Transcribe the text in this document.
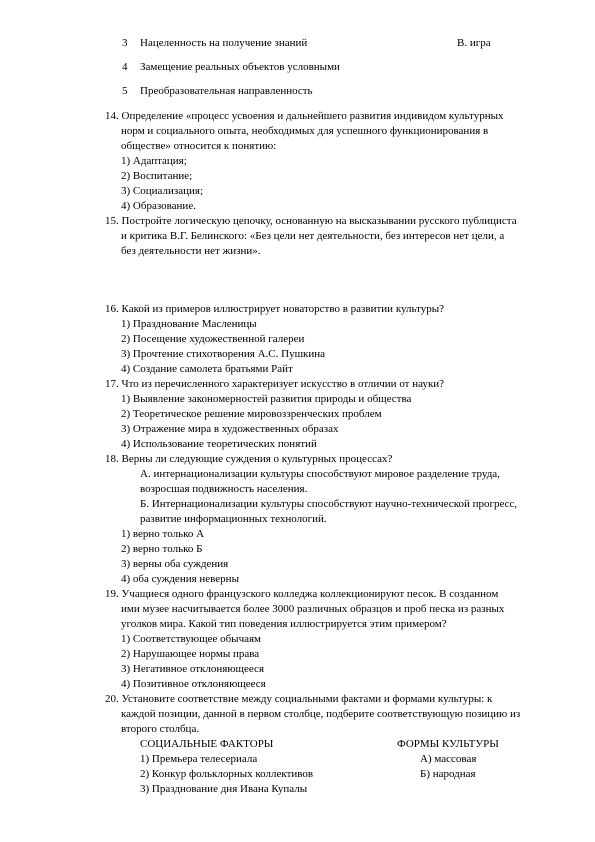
3 Нацеленность на получение знаний	B. игра
4 Замещение реальных объектов условными
5 Преобразовательная направленность
14. Определение «процесс усвоения и дальнейшего развития индивидом культурных
норм и социального опыта, необходимых для успешного функционирования в
обществе» относится к понятию:
1) Адаптация;
2) Воспитание;
3) Социализация;
4) Образование.
15. Постройте логическую цепочку, основанную на высказывании русского публициста
и критика В.Г. Белинского: «Без цели нет деятельности, без интересов нет цели, а
без деятельности нет жизни».
16. Какой из примеров иллюстрирует новаторство в развитии культуры?
1) Празднование Масленицы
2) Посещение художественной галереи
3) Прочтение стихотворения А.С. Пушкина
4) Создание самолета братьями Райт
17. Что из перечисленного характеризует искусство в отличии от науки?
1) Выявление закономерностей развития природы и общества
2) Теоретическое решение мировоззренческих проблем
3) Отражение мира в художественных образах
4) Использование теоретических понятий
18. Верны ли следующие суждения о культурных процессах?
А. интернационализации культуры способствуют мировое разделение труда,
возросшая подвижность населения.
Б. Интернационализации культуры способствуют научно-технической прогресс,
развитие информационных технологий.
1) верно только А
2) верно только Б
3) верны оба суждения
4) оба суждения неверны
19. Учащиеся одного французского колледжа коллекционируют песок. В созданном
ими музее насчитывается более 3000 различных образцов и проб песка из разных
уголков мира. Какой тип поведения иллюстрируется этим примером?
1) Соответствующее обычаям
2) Нарушающее нормы права
3) Негативное отклоняющееся
4) Позитивное отклоняющееся
20. Установите соответствие между социальными фактами и формами культуры: к
каждой позиции, данной в первом столбце, подберите соответствующую позицию из
второго столбца.
СОЦИАЛЬНЫЕ ФАКТОРЫ	ФОРМЫ КУЛЬТУРЫ
1) Премьера телесериала	А) массовая
2) Конкур фольклорных коллективов	Б) народная
3) Празднование дня Ивана Купалы
